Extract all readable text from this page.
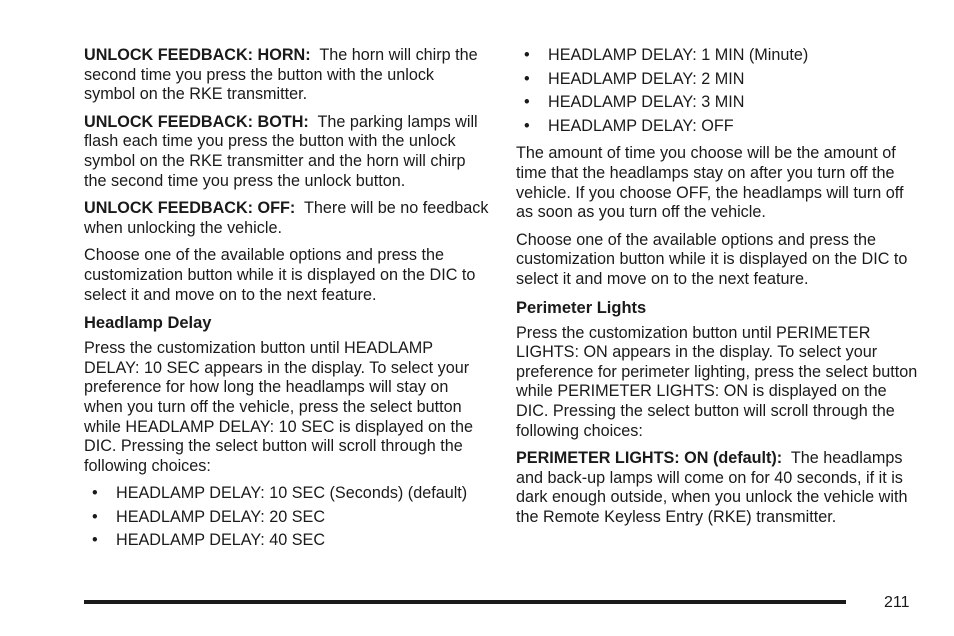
UNLOCK FEEDBACK: HORN: The horn will chirp the second time you press the button with the unlock symbol on the RKE transmitter.

UNLOCK FEEDBACK: BOTH: The parking lamps will flash each time you press the button with the unlock symbol on the RKE transmitter and the horn will chirp the second time you press the unlock button.

UNLOCK FEEDBACK: OFF: There will be no feedback when unlocking the vehicle.

Choose one of the available options and press the customization button while it is displayed on the DIC to select it and move on to the next feature.

Headlamp Delay

Press the customization button until HEADLAMP DELAY: 10 SEC appears in the display. To select your preference for how long the headlamps will stay on when you turn off the vehicle, press the select button while HEADLAMP DELAY: 10 SEC is displayed on the DIC. Pressing the select button will scroll through the following choices:

• HEADLAMP DELAY: 10 SEC (Seconds) (default)
• HEADLAMP DELAY: 20 SEC
• HEADLAMP DELAY: 40 SEC
• HEADLAMP DELAY: 1 MIN (Minute)
• HEADLAMP DELAY: 2 MIN
• HEADLAMP DELAY: 3 MIN
• HEADLAMP DELAY: OFF

The amount of time you choose will be the amount of time that the headlamps stay on after you turn off the vehicle. If you choose OFF, the headlamps will turn off as soon as you turn off the vehicle.

Choose one of the available options and press the customization button while it is displayed on the DIC to select it and move on to the next feature.

Perimeter Lights

Press the customization button until PERIMETER LIGHTS: ON appears in the display. To select your preference for perimeter lighting, press the select button while PERIMETER LIGHTS: ON is displayed on the DIC. Pressing the select button will scroll through the following choices:

PERIMETER LIGHTS: ON (default): The headlamps and back-up lamps will come on for 40 seconds, if it is dark enough outside, when you unlock the vehicle with the Remote Keyless Entry (RKE) transmitter.

211
